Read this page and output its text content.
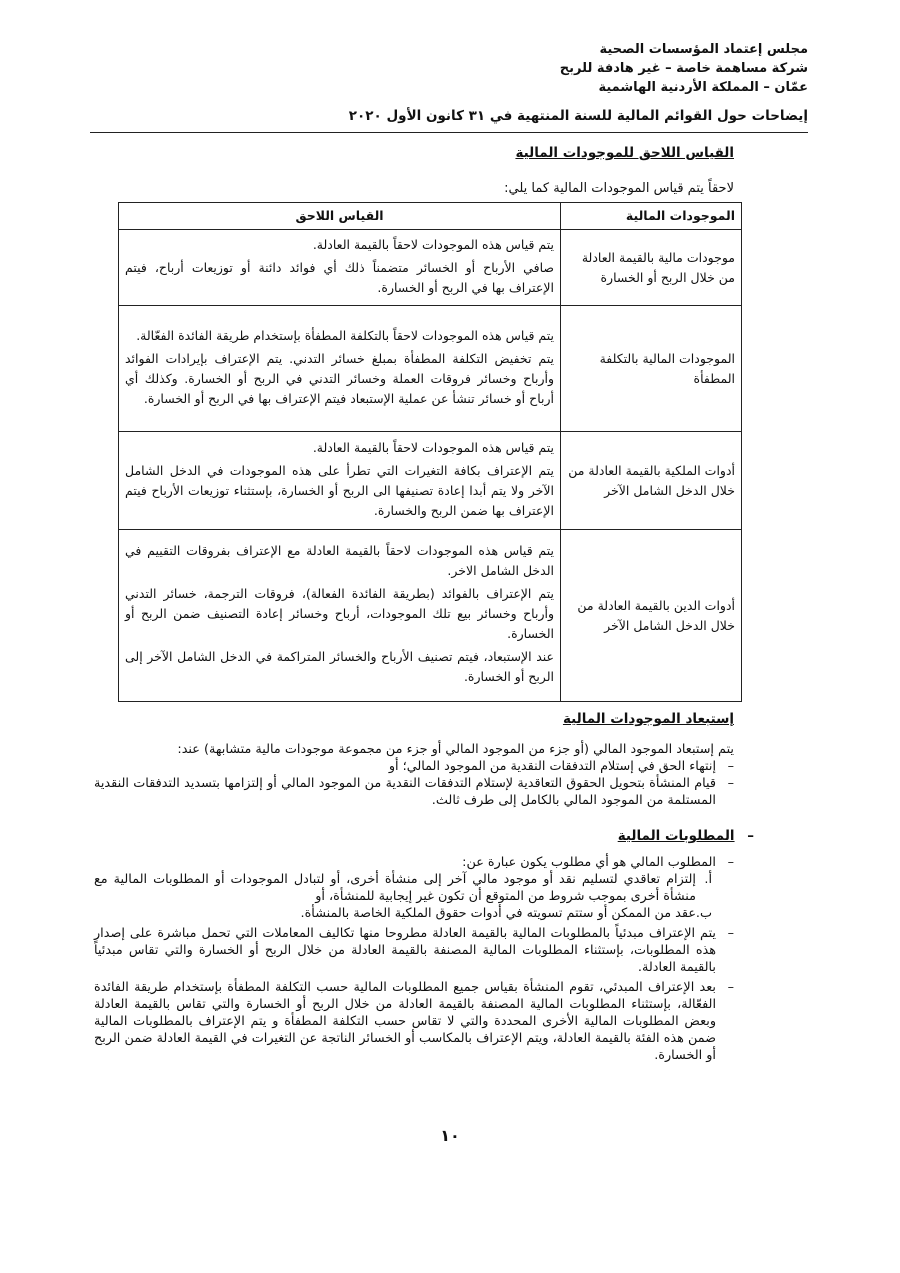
مجلس إعتماد المؤسسات الصحية
شركة مساهمة خاصة – غير هادفة للربح
عمّان – المملكة الأردنية الهاشمية
إيضاحات حول القوائم المالية للسنة المنتهية في ٣١ كانون الأول ٢٠٢٠
القياس اللاحق للموجودات المالية
لاحقاً يتم قياس الموجودات المالية كما يلي:
الموجودات المالية	القياس اللاحق
موجودات مالية بالقيمة العادلة من خلال الربح أو الخسارة	يتم قياس هذه الموجودات لاحقاً بالقيمة العادلة.

صافي الأرباح أو الخسائر متضمناً ذلك أي فوائد دائنة أو توزيعات أرباح، فيتم الإعتراف بها في الربح أو الخسارة.

الموجودات المالية بالتكلفة المطفأة	يتم قياس هذه الموجودات لاحقاً بالتكلفة المطفأة بإستخدام طريقة الفائدة الفعّالة.

يتم تخفيض التكلفة المطفأة بمبلغ خسائر التدني. يتم الإعتراف بإيرادات الفوائد وأرباح وخسائر فروقات العملة وخسائر التدني في الربح أو الخسارة. وكذلك أي أرباح أو خسائر تنشأ عن عملية الإستبعاد فيتم الإعتراف بها في الربح أو الخسارة.

أدوات الملكية بالقيمة العادلة من خلال الدخل الشامل الآخر	يتم قياس هذه الموجودات لاحقاً بالقيمة العادلة.

يتم الإعتراف بكافة التغيرات التي تطرأ على هذه الموجودات في الدخل الشامل الآخر ولا يتم أبدا إعادة تصنيفها الى الربح أو الخسارة، بإستثناء توزيعات الأرباح فيتم الإعتراف بها ضمن الربح والخسارة.

أدوات الدين بالقيمة العادلة من خلال الدخل الشامل الآخر	يتم قياس هذه الموجودات لاحقاً بالقيمة العادلة مع الإعتراف بفروقات التقييم في الدخل الشامل الاخر.

يتم الإعتراف بالفوائد (بطريقة الفائدة الفعالة)، فروقات الترجمة، خسائر التدني وأرباح وخسائر بيع تلك الموجودات، أرباح وخسائر إعادة التصنيف ضمن الربح أو الخسارة.

عند الإستبعاد، فيتم تصنيف الأرباح والخسائر المتراكمة في الدخل الشامل الآخر إلى الربح أو الخسارة.

إستبعاد الموجودات المالية

يتم إستبعاد الموجود المالي (أو جزء من الموجود المالي أو جزء من مجموعة موجودات مالية متشابهة) عند:

–
إنتهاء الحق في إستلام التدفقات النقدية من الموجود المالي؛ أو
–
قيام المنشأة بتحويل الحقوق التعاقدية لإستلام التدفقات النقدية من الموجود المالي أو إلتزامها بتسديد التدفقات النقدية المستلمة من الموجود المالي بالكامل إلى طرف ثالث.
– المطلوبات المالية
–
المطلوب المالي هو أي مطلوب يكون عبارة عن:
أ.
إلتزام تعاقدي لتسليم نقد أو موجود مالي آخر إلى منشأة أخرى، أو لتبادل الموجودات أو المطلوبات المالية مع منشأة أخرى بموجب شروط من المتوقع أن تكون غير إيجابية للمنشأة، أو
ب.
عقد من الممكن أو ستتم تسويته في أدوات حقوق الملكية الخاصة بالمنشأة.
–
يتم الإعتراف مبدئياً بالمطلوبات المالية بالقيمة العادلة مطروحا منها تكاليف المعاملات التي تحمل مباشرة على إصدار هذه المطلوبات، بإستثناء المطلوبات المالية المصنفة بالقيمة العادلة من خلال الربح أو الخسارة والتي تقاس مبدئياً بالقيمة العادلة.
–
بعد الإعتراف المبدئي، تقوم المنشأة بقياس جميع المطلوبات المالية حسب التكلفة المطفأة بإستخدام طريقة الفائدة الفعّالة، بإستثناء المطلوبات المالية المصنفة بالقيمة العادلة من خلال الربح أو الخسارة والتي تقاس بالقيمة العادلة وبعض المطلوبات المالية الأخرى المحددة والتي لا تقاس حسب التكلفة المطفأة و يتم الإعتراف بالمطلوبات المالية ضمن هذه الفئة بالقيمة العادلة، ويتم الإعتراف بالمكاسب أو الخسائر الناتجة عن التغيرات في القيمة العادلة ضمن الربح أو الخسارة.
١٠
